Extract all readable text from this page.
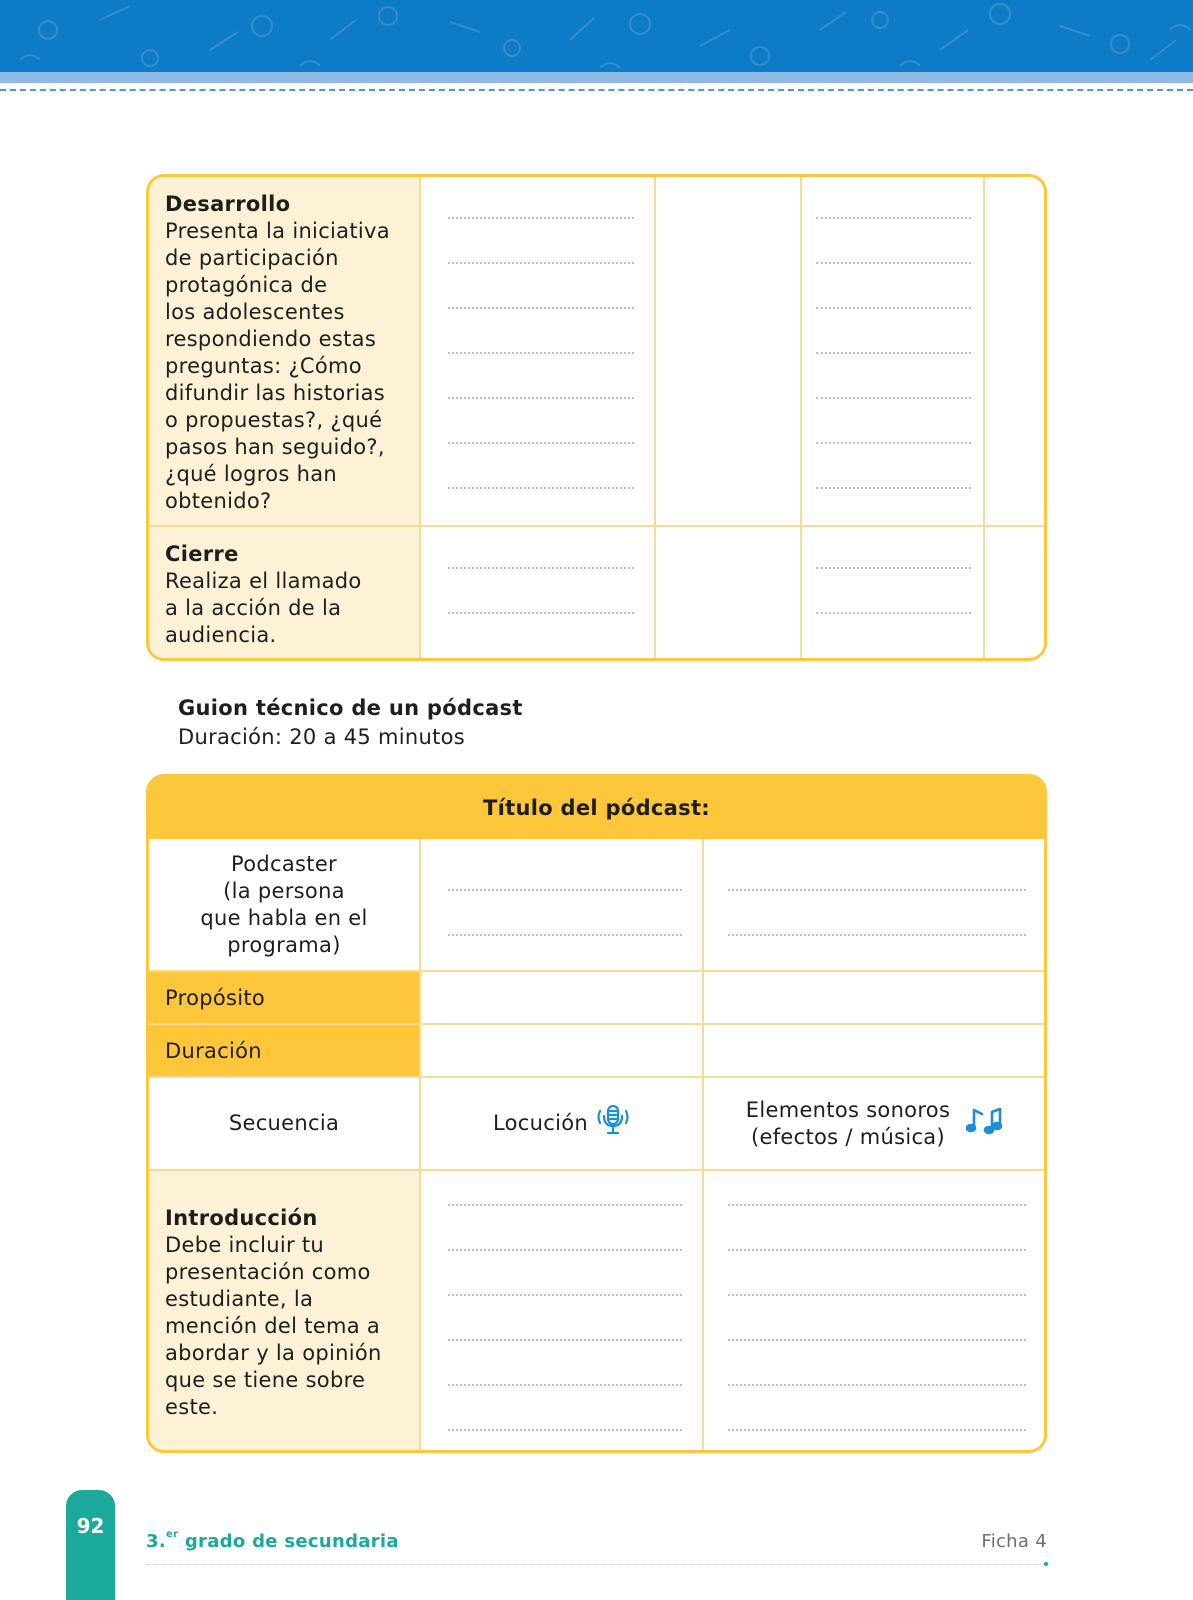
Desarrollo
Presenta la iniciativa
de participación
protagónica de
los adolescentes
respondiendo estas
preguntas: ¿Cómo
difundir las historias
o propuestas?, ¿qué
pasos han seguido?,
¿qué logros han
obtenido?
Cierre
Realiza el llamado
a la acción de la
audiencia.
Guion técnico de un pódcast
Duración: 20 a 45 minutos
Título del pódcast:
Podcaster
(la persona
que habla en el
programa)
Propósito
Duración
Secuencia	Locución
Elementos sonoros
(efectos / música)
Introducción
Debe incluir tu
presentación como
estudiante, la
mención del tema a
abordar y la opinión
que se tiene sobre
este.
92
3.$^{er}$ grado de secundaria	Ficha 4
